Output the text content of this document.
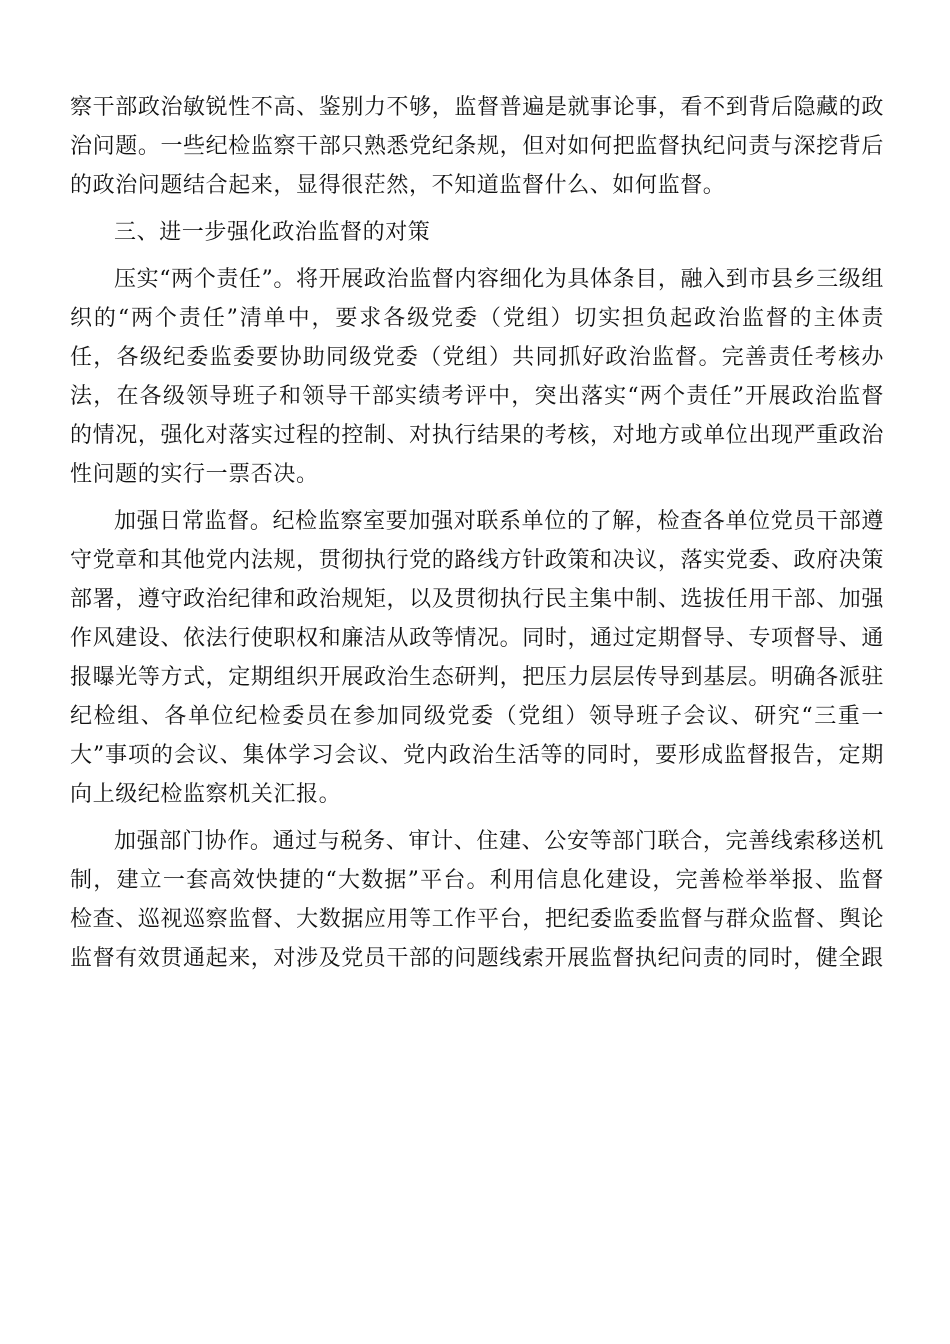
察干部政治敏锐性不高、鉴别力不够，监督普遍是就事论事，看不到背后隐藏的政治问题。一些纪检监察干部只熟悉党纪条规，但对如何把监督执纪问责与深挖背后的政治问题结合起来，显得很茫然，不知道监督什么、如何监督。

三、进一步强化政治监督的对策

压实“两个责任”。将开展政治监督内容细化为具体条目，融入到市县乡三级组织的“两个责任”清单中，要求各级党委（党组）切实担负起政治监督的主体责任，各级纪委监委要协助同级党委（党组）共同抓好政治监督。完善责任考核办法，在各级领导班子和领导干部实绩考评中，突出落实“两个责任”开展政治监督的情况，强化对落实过程的控制、对执行结果的考核，对地方或单位出现严重政治性问题的实行一票否决。

加强日常监督。纪检监察室要加强对联系单位的了解，检查各单位党员干部遵守党章和其他党内法规，贯彻执行党的路线方针政策和决议，落实党委、政府决策部署，遵守政治纪律和政治规矩，以及贯彻执行民主集中制、选拔任用干部、加强作风建设、依法行使职权和廉洁从政等情况。同时，通过定期督导、专项督导、通报曝光等方式，定期组织开展政治生态研判，把压力层层传导到基层。明确各派驻纪检组、各单位纪检委员在参加同级党委（党组）领导班子会议、研究“三重一大”事项的会议、集体学习会议、党内政治生活等的同时，要形成监督报告，定期向上级纪检监察机关汇报。

加强部门协作。通过与税务、审计、住建、公安等部门联合，完善线索移送机制，建立一套高效快捷的“大数据”平台。利用信息化建设，完善检举举报、监督检查、巡视巡察监督、大数据应用等工作平台，把纪委监委监督与群众监督、舆论监督有效贯通起来，对涉及党员干部的问题线索开展监督执纪问责的同时，健全跟
